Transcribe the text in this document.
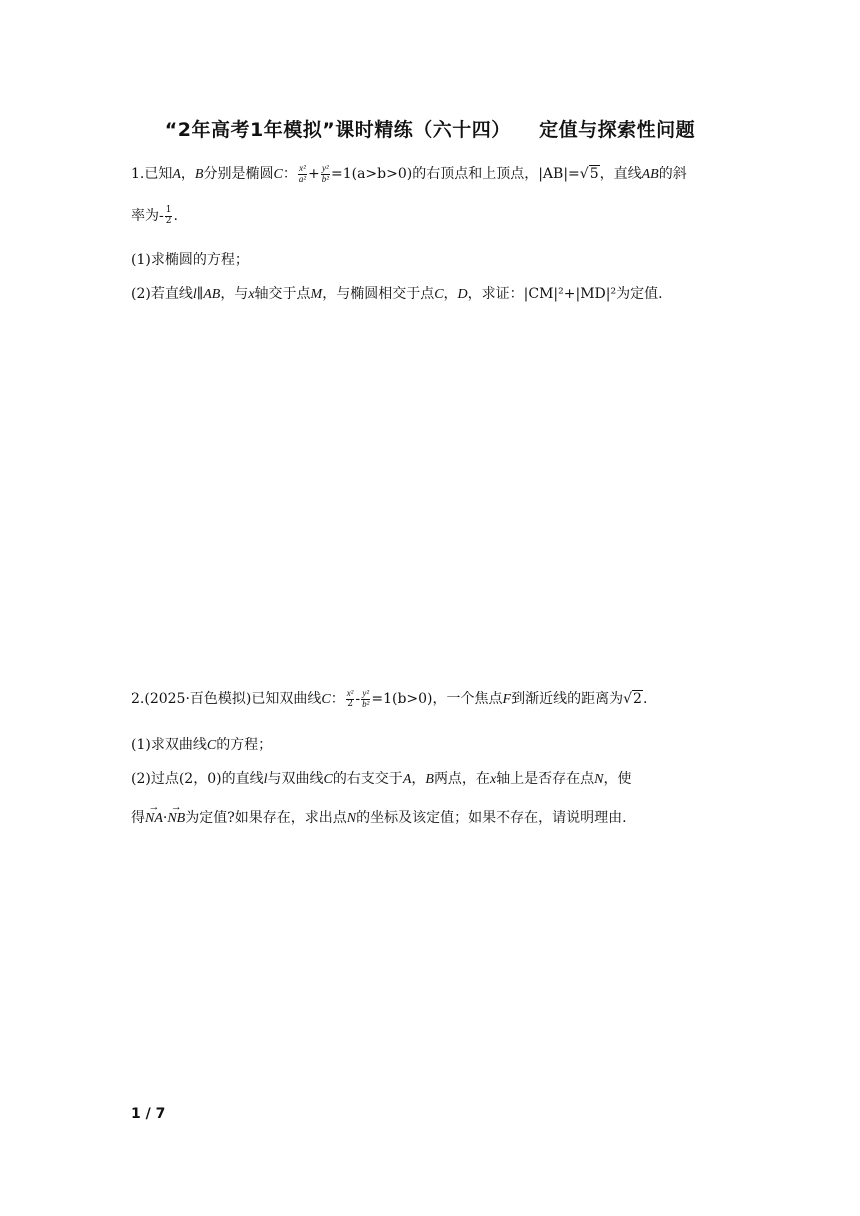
“2年高考1年模拟”课时精练（六十四）    定值与探索性问题
1.已知A，B分别是椭圆C： $\frac{\text{x²}}{\text{a²}} + \frac{\text{y²}}{\text{b²}} =1(a>b>0)$的右顶点和上顶点，|AB|=√5，直线AB的斜
率为- $\frac{1}{2}$ .
(1)求椭圆的方程；
(2)若直线l∥AB，与x轴交于点M，与椭圆相交于点C，D，求证：|CM|²+|MD|²为定值.
2.(2025·百色模拟)已知双曲线C： $\frac{\text{x²}}{2} - \frac{\text{y²}}{\text{b²}} =1(b>0)$，一个焦点F到渐近线的距离为√2.
(1)求双曲线C的方程；
(2)过点(2，0)的直线l与双曲线C的右支交于A，B两点，在x轴上是否存在点N，使
得→ NA·→ NB为定值?如果存在，求出点N的坐标及该定值；如果不存在，请说明理由.
1 / 7
